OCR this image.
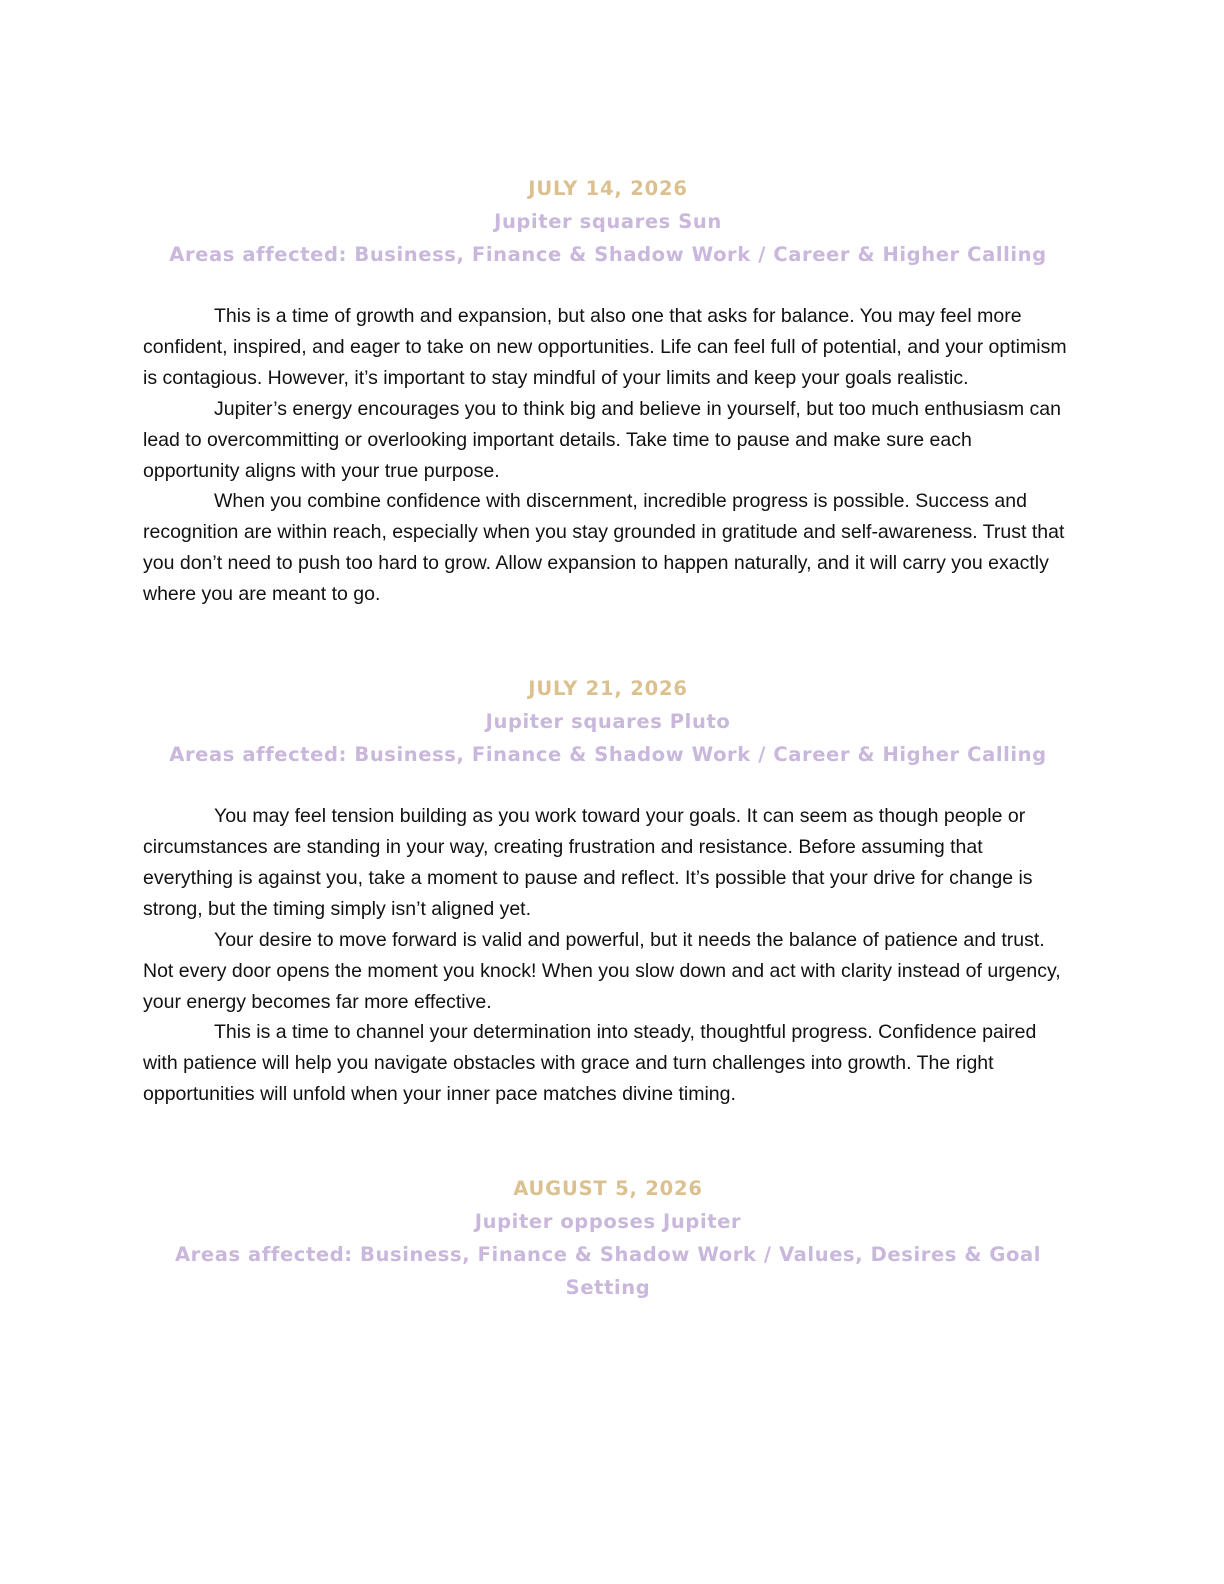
JULY 14, 2026
Jupiter squares Sun
Areas affected: Business, Finance & Shadow Work / Career & Higher Calling

This is a time of growth and expansion, but also one that asks for balance. You may feel more confident, inspired, and eager to take on new opportunities. Life can feel full of potential, and your optimism is contagious. However, it’s important to stay mindful of your limits and keep your goals realistic.

Jupiter’s energy encourages you to think big and believe in yourself, but too much enthusiasm can lead to overcommitting or overlooking important details. Take time to pause and make sure each opportunity aligns with your true purpose.

When you combine confidence with discernment, incredible progress is possible. Success and recognition are within reach, especially when you stay grounded in gratitude and self-awareness. Trust that you don’t need to push too hard to grow. Allow expansion to happen naturally, and it will carry you exactly where you are meant to go.

JULY 21, 2026
Jupiter squares Pluto
Areas affected: Business, Finance & Shadow Work / Career & Higher Calling

You may feel tension building as you work toward your goals. It can seem as though people or circumstances are standing in your way, creating frustration and resistance. Before assuming that everything is against you, take a moment to pause and reflect. It’s possible that your drive for change is strong, but the timing simply isn’t aligned yet.

Your desire to move forward is valid and powerful, but it needs the balance of patience and trust. Not every door opens the moment you knock! When you slow down and act with clarity instead of urgency, your energy becomes far more effective.

This is a time to channel your determination into steady, thoughtful progress. Confidence paired with patience will help you navigate obstacles with grace and turn challenges into growth. The right opportunities will unfold when your inner pace matches divine timing.

AUGUST 5, 2026
Jupiter opposes Jupiter
Areas affected: Business, Finance & Shadow Work / Values, Desires & Goal Setting
